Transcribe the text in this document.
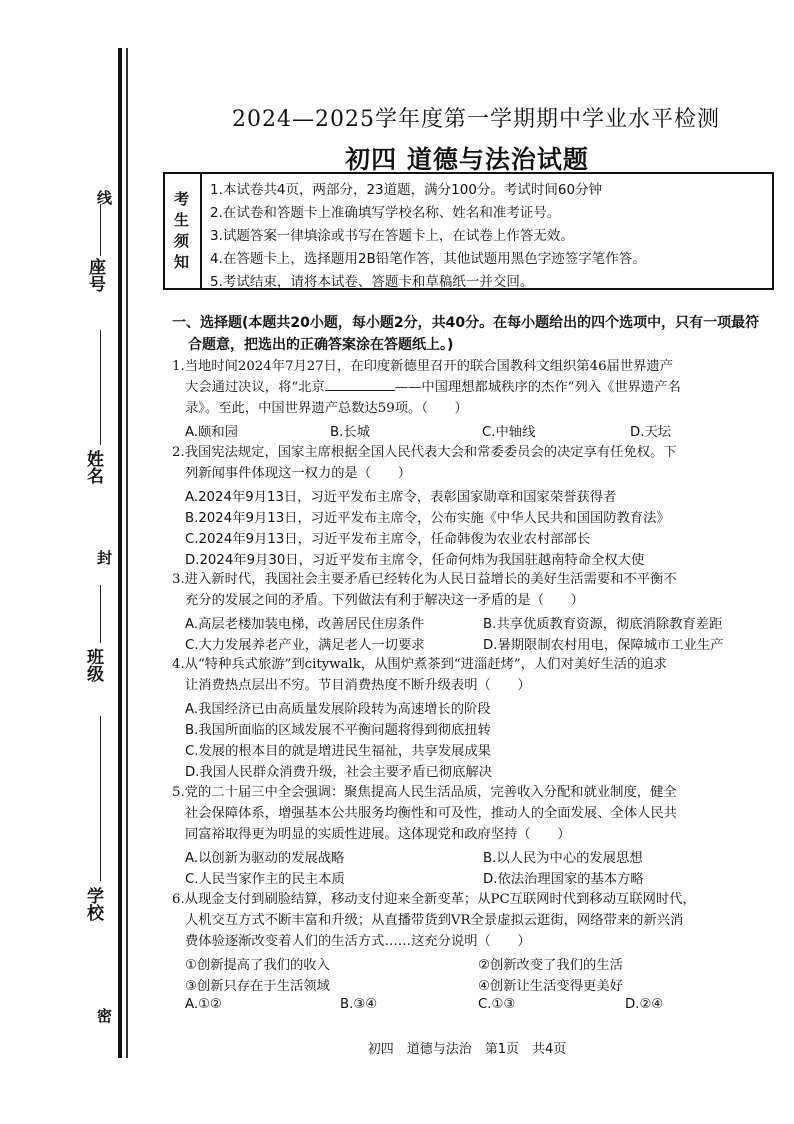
座号
线
姓名
封
班级
学校
密
2024—2025学年度第一学期期中学业水平检测
初四 道德与法治试题
考
生
须
知
1.本试卷共4页，两部分，23道题，满分100分。考试时间60分钟
2.在试卷和答题卡上准确填写学校名称、姓名和准考证号。
3.试题答案一律填涂或书写在答题卡上，在试卷上作答无效。
4.在答题卡上，选择题用2B铅笔作答，其他试题用黑色字迹签字笔作答。
5.考试结束，请将本试卷、答题卡和草稿纸一并交回。
一、选择题(本题共20小题，每小题2分，共40分。在每小题给出的四个选项中，只有一项最符
合题意，把选出的正确答案涂在答题纸上。)
1.当地时间2024年7月27日，在印度新德里召开的联合国教科文组织第46届世界遗产
大会通过决议，将“北京	——中国理想都城秩序的杰作”列入《世界遗产名
录》。至此，中国世界遗产总数达59项。（　　）
A.颐和园	B.长城	C.中轴线	D.天坛
2.我国宪法规定，国家主席根据全国人民代表大会和常委委员会的决定享有任免权。下
列新闻事件体现这一权力的是（　　）
A.2024年9月13日，习近平发布主席令，表彰国家勋章和国家荣誉获得者
B.2024年9月13日，习近平发布主席令，公布实施《中华人民共和国国防教育法》
C.2024年9月13日，习近平发布主席令，任命韩俊为农业农村部部长
D.2024年9月30日，习近平发布主席令，任命何炜为我国驻越南特命全权大使
3.进入新时代，我国社会主要矛盾已经转化为人民日益增长的美好生活需要和不平衡不
充分的发展之间的矛盾。下列做法有利于解决这一矛盾的是（　　）
A.高层老楼加装电梯，改善居民住房条件	B.共享优质教育资源，彻底消除教育差距
C.大力发展养老产业，满足老人一切要求	D.暑期限制农村用电，保障城市工业生产
4.从“特种兵式旅游”到citywalk，从围炉煮茶到“进淄赶烤”，人们对美好生活的追求
让消费热点层出不穷。节目消费热度不断升级表明（　　）
A.我国经济已由高质量发展阶段转为高速增长的阶段
B.我国所面临的区域发展不平衡问题将得到彻底扭转
C.发展的根本目的就是增进民生福祉，共享发展成果
D.我国人民群众消费升级，社会主要矛盾已彻底解决
5.党的二十届三中全会强调：聚焦提高人民生活品质，完善收入分配和就业制度，健全
社会保障体系，增强基本公共服务均衡性和可及性，推动人的全面发展、全体人民共
同富裕取得更为明显的实质性进展。这体现党和政府坚持（　　）
A.以创新为驱动的发展战略	B.以人民为中心的发展思想
C.人民当家作主的民主本质	D.依法治理国家的基本方略
6.从现金支付到刷脸结算，移动支付迎来全新变革；从PC互联网时代到移动互联网时代，
人机交互方式不断丰富和升级；从直播带货到VR全景虚拟云逛街，网络带来的新兴消
费体验逐渐改变着人们的生活方式……这充分说明（　　）
①创新提高了我们的收入	②创新改变了我们的生活
③创新只存在于生活领域	④创新让生活变得更美好
A.①②	B.③④	C.①③	D.②④
初四　道德与法治　第1页　共4页
